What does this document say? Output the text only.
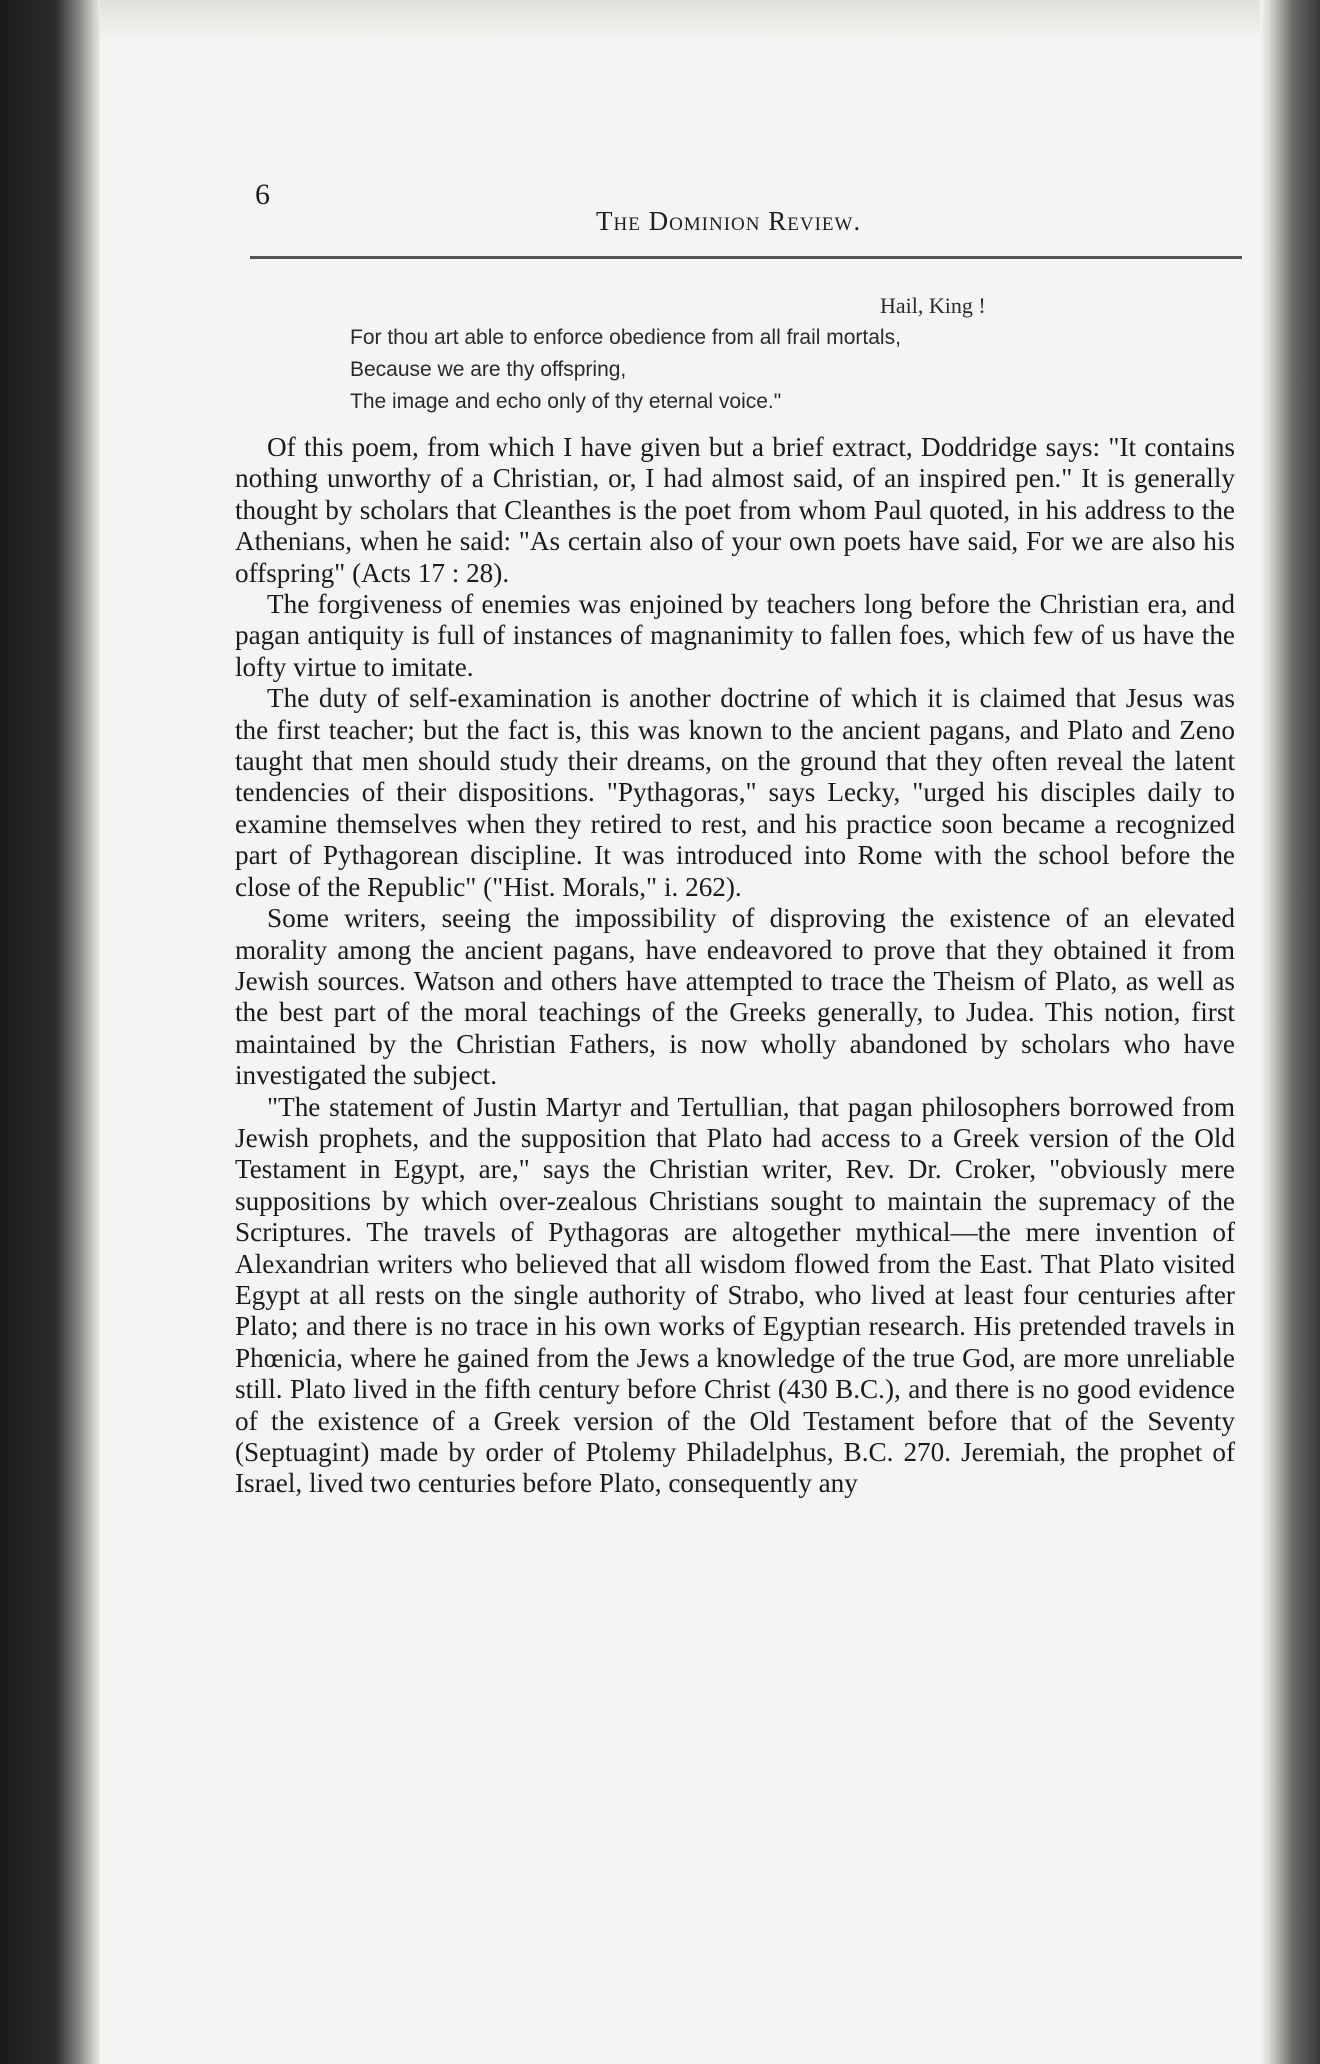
6
The Dominion Review.
Hail, King !
For thou art able to enforce obedience from all frail mortals,
Because we are thy offspring,
The image and echo only of thy eternal voice."

Of this poem, from which I have given but a brief extract, Doddridge says: "It contains nothing unworthy of a Christian, or, I had almost said, of an inspired pen." It is generally thought by scholars that Cleanthes is the poet from whom Paul quoted, in his address to the Athenians, when he said: "As certain also of your own poets have said, For we are also his offspring" (Acts 17 : 28).

The forgiveness of enemies was enjoined by teachers long before the Christian era, and pagan antiquity is full of instances of magnanimity to fallen foes, which few of us have the lofty virtue to imitate.

The duty of self-examination is another doctrine of which it is claimed that Jesus was the first teacher; but the fact is, this was known to the ancient pagans, and Plato and Zeno taught that men should study their dreams, on the ground that they often reveal the latent tendencies of their dispositions. "Pythagoras," says Lecky, "urged his disciples daily to examine themselves when they retired to rest, and his practice soon became a recognized part of Pythagorean discipline. It was introduced into Rome with the school before the close of the Republic" ("Hist. Morals," i. 262).

Some writers, seeing the impossibility of disproving the existence of an elevated morality among the ancient pagans, have endeavored to prove that they obtained it from Jewish sources. Watson and others have attempted to trace the Theism of Plato, as well as the best part of the moral teachings of the Greeks generally, to Judea. This notion, first maintained by the Christian Fathers, is now wholly abandoned by scholars who have investigated the subject.

"The statement of Justin Martyr and Tertullian, that pagan philosophers borrowed from Jewish prophets, and the supposition that Plato had access to a Greek version of the Old Testament in Egypt, are," says the Christian writer, Rev. Dr. Croker, "obviously mere suppositions by which over-zealous Christians sought to maintain the supremacy of the Scriptures. The travels of Pythagoras are altogether mythical—the mere invention of Alexandrian writers who believed that all wisdom flowed from the East. That Plato visited Egypt at all rests on the single authority of Strabo, who lived at least four centuries after Plato; and there is no trace in his own works of Egyptian research. His pretended travels in Phœnicia, where he gained from the Jews a knowledge of the true God, are more unreliable still. Plato lived in the fifth century before Christ (430 B.C.), and there is no good evidence of the existence of a Greek version of the Old Testament before that of the Seventy (Septuagint) made by order of Ptolemy Philadelphus, B.C. 270. Jeremiah, the prophet of Israel, lived two centuries before Plato, consequently any
